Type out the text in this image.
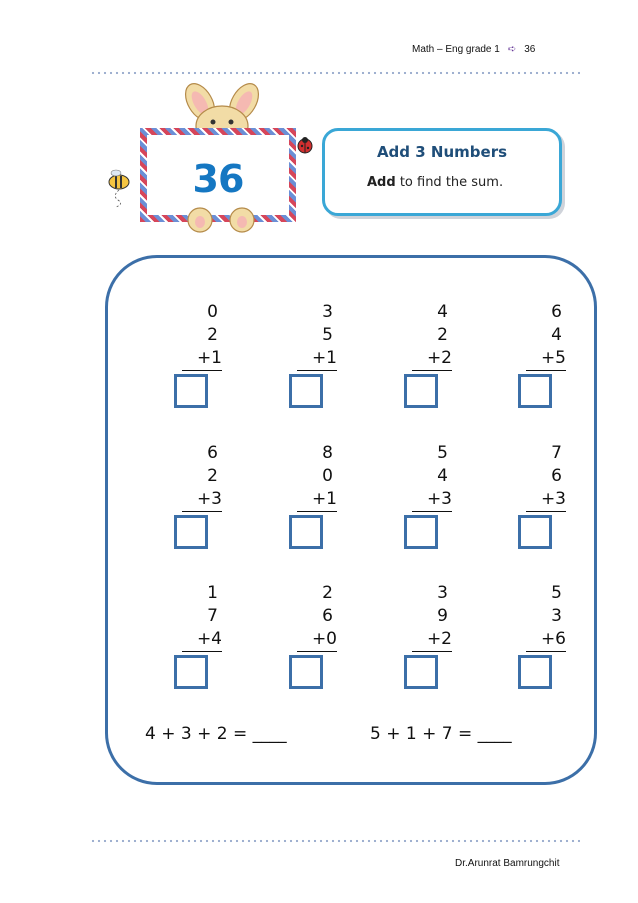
Math – Eng grade 1 ➪ 36
36
Add 3 Numbers
Add to find the sum.
0
2
+1
3
5
+1
4
2
+2
6
4
+5
6
2
+3
8
0
+1
5
4
+3
7
6
+3
1
7
+4
2
6
+0
3
9
+2
5
3
+6
4 + 3 + 2 = ____	5 + 1 + 7 = ____
Dr.Arunrat Bamrungchit
